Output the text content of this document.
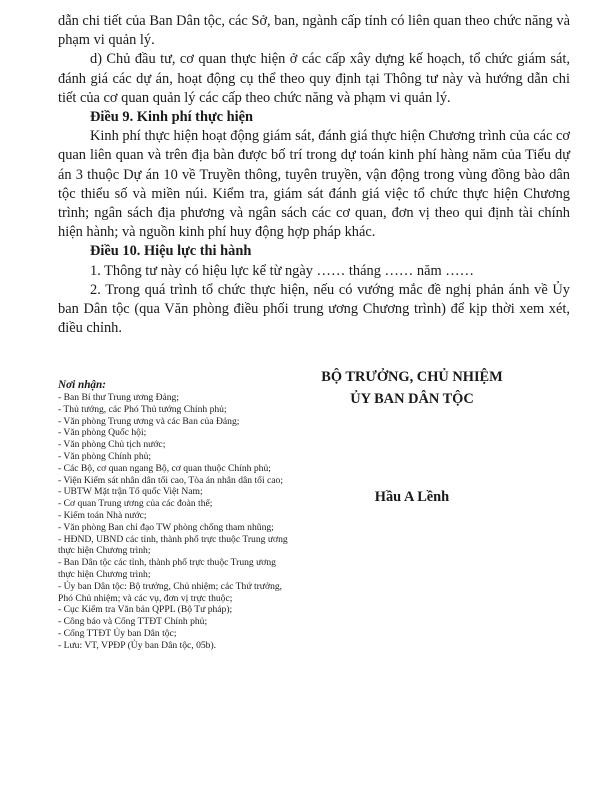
dẫn chi tiết của Ban Dân tộc, các Sở, ban, ngành cấp tỉnh có liên quan theo chức năng và phạm vi quản lý.

d) Chủ đầu tư, cơ quan thực hiện ở các cấp xây dựng kế hoạch, tổ chức giám sát, đánh giá các dự án, hoạt động cụ thể theo quy định tại Thông tư này và hướng dẫn chi tiết của cơ quan quản lý các cấp theo chức năng và phạm vi quản lý.

Điều 9. Kinh phí thực hiện

Kinh phí thực hiện hoạt động giám sát, đánh giá thực hiện Chương trình của các cơ quan liên quan và trên địa bàn được bố trí trong dự toán kinh phí hàng năm của Tiểu dự án 3 thuộc Dự án 10 về Truyền thông, tuyên truyền, vận động trong vùng đồng bào dân tộc thiểu số và miền núi. Kiểm tra, giám sát đánh giá việc tổ chức thực hiện Chương trình; ngân sách địa phương và ngân sách các cơ quan, đơn vị theo qui định tài chính hiện hành; và nguồn kinh phí huy động hợp pháp khác.

Điều 10. Hiệu lực thi hành

1. Thông tư này có hiệu lực kể từ ngày …… tháng …… năm ……

2. Trong quá trình tổ chức thực hiện, nếu có vướng mắc đề nghị phản ánh về Ủy ban Dân tộc (qua Văn phòng điều phối trung ương Chương trình) để kịp thời xem xét, điều chỉnh.

Nơi nhận:
- Ban Bí thư Trung ương Đảng;
- Thủ tướng, các Phó Thủ tướng Chính phủ;
- Văn phòng Trung ương và các Ban của Đảng;
- Văn phòng Quốc hội;
- Văn phòng Chủ tịch nước;
- Văn phòng Chính phủ;
- Các Bộ, cơ quan ngang Bộ, cơ quan thuộc Chính phủ;
- Viện Kiểm sát nhân dân tối cao, Tòa án nhân dân tối cao;
- UBTW Mặt trận Tổ quốc Việt Nam;
- Cơ quan Trung ương của các đoàn thể;
- Kiểm toán Nhà nước;
- Văn phòng Ban chỉ đạo TW phòng chống tham nhũng;
- HĐND, UBND các tỉnh, thành phố trực thuộc Trung ương thực hiện Chương trình;
- Ban Dân tộc các tỉnh, thành phố trực thuộc Trung ương thực hiện Chương trình;
- Ủy ban Dân tộc: Bộ trưởng, Chủ nhiệm; các Thứ trưởng, Phó Chủ nhiệm; và các vụ, đơn vị trực thuộc;
- Cục Kiểm tra Văn bản QPPL (Bộ Tư pháp);
- Công báo và Cổng TTĐT Chính phủ;
- Cổng TTĐT Ủy ban Dân tộc;
- Lưu: VT, VPĐP (Ủy ban Dân tộc, 05b).
BỘ TRƯỞNG, CHỦ NHIỆM
ỦY BAN DÂN TỘC
Hầu A Lềnh
